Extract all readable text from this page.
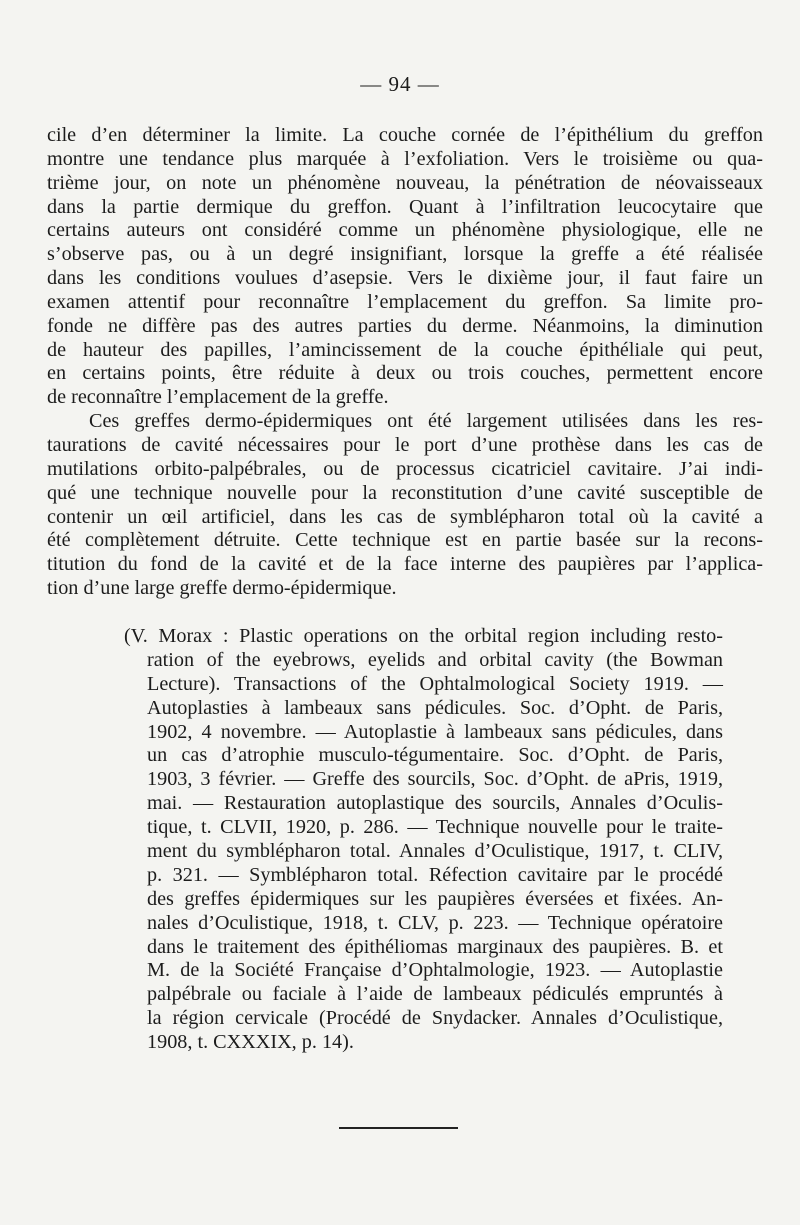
— 94 —
cile d’en déterminer la limite. La couche cornée de l’épithélium du greffon
montre une tendance plus marquée à l’exfoliation. Vers le troisième ou qua-
trième jour, on note un phénomène nouveau, la pénétration de néovaisseaux
dans la partie dermique du greffon. Quant à l’infiltration leucocytaire que
certains auteurs ont considéré comme un phénomène physiologique, elle ne
s’observe pas, ou à un degré insignifiant, lorsque la greffe a été réalisée
dans les conditions voulues d’asepsie. Vers le dixième jour, il faut faire un
examen attentif pour reconnaître l’emplacement du greffon. Sa limite pro-
fonde ne diffère pas des autres parties du derme. Néanmoins, la diminution
de hauteur des papilles, l’amincissement de la couche épithéliale qui peut,
en certains points, être réduite à deux ou trois couches, permettent encore
de reconnaître l’emplacement de la greffe.
Ces greffes dermo-épidermiques ont été largement utilisées dans les res-
taurations de cavité nécessaires pour le port d’une prothèse dans les cas de
mutilations orbito-palpébrales, ou de processus cicatriciel cavitaire. J’ai indi-
qué une technique nouvelle pour la reconstitution d’une cavité susceptible de
contenir un œil artificiel, dans les cas de symblépharon total où la cavité a
été complètement détruite. Cette technique est en partie basée sur la recons-
titution du fond de la cavité et de la face interne des paupières par l’applica-
tion d’une large greffe dermo-épidermique.
(V. Morax : Plastic operations on the orbital region including resto-
ration of the eyebrows, eyelids and orbital cavity (the Bowman
Lecture). Transactions of the Ophtalmological Society 1919. —
Autoplasties à lambeaux sans pédicules. Soc. d’Opht. de Paris,
1902, 4 novembre. — Autoplastie à lambeaux sans pédicules, dans
un cas d’atrophie musculo-tégumentaire. Soc. d’Opht. de Paris,
1903, 3 février. — Greffe des sourcils, Soc. d’Opht. de aPris, 1919,
mai. — Restauration autoplastique des sourcils, Annales d’Oculis-
tique, t. CLVII, 1920, p. 286. — Technique nouvelle pour le traite-
ment du symblépharon total. Annales d’Oculistique, 1917, t. CLIV,
p. 321. — Symblépharon total. Réfection cavitaire par le procédé
des greffes épidermiques sur les paupières éversées et fixées. An-
nales d’Oculistique, 1918, t. CLV, p. 223. — Technique opératoire
dans le traitement des épithéliomas marginaux des paupières. B. et
M. de la Société Française d’Ophtalmologie, 1923. — Autoplastie
palpébrale ou faciale à l’aide de lambeaux pédiculés empruntés à
la région cervicale (Procédé de Snydacker. Annales d’Oculistique,
1908, t. CXXXIX, p. 14).
